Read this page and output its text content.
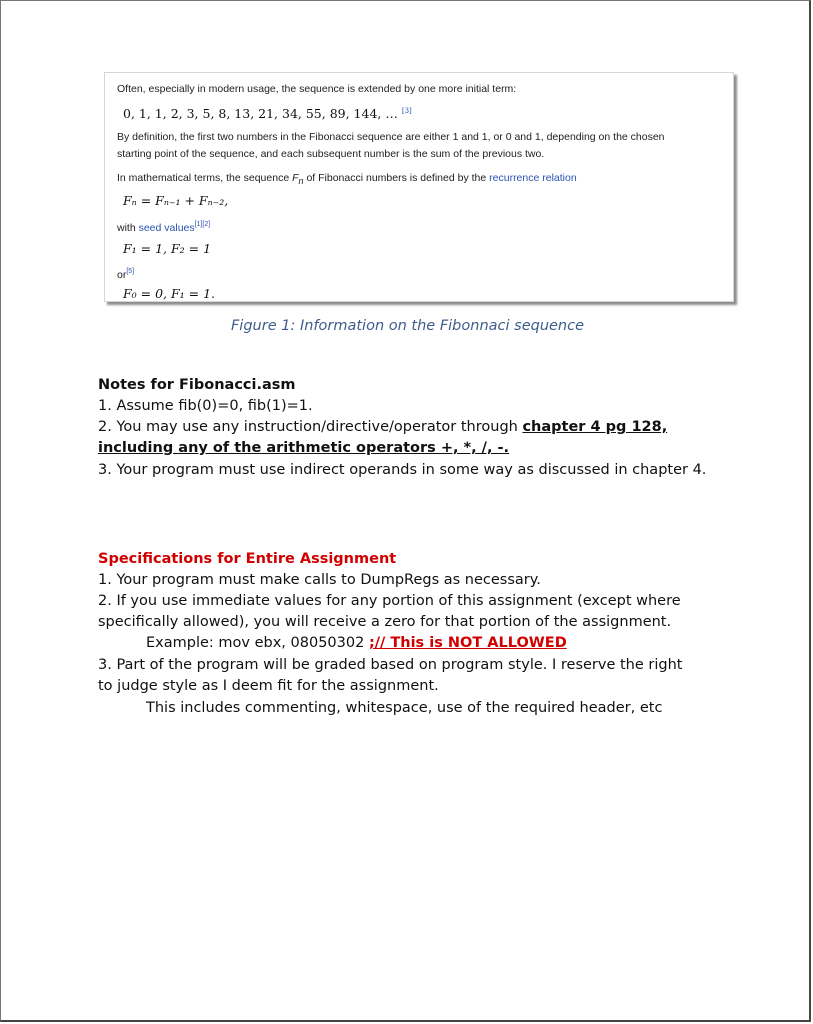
Often, especially in modern usage, the sequence is extended by one more initial term:
0, 1, 1, 2, 3, 5, 8, 13, 21, 34, 55, 89, 144, … [3]
By definition, the first two numbers in the Fibonacci sequence are either 1 and 1, or 0 and 1, depending on the chosen
starting point of the sequence, and each subsequent number is the sum of the previous two.
In mathematical terms, the sequence Fn of Fibonacci numbers is defined by the recurrence relation
Fₙ = Fₙ₋₁ + Fₙ₋₂,
with seed values[1][2]
F₁ = 1, F₂ = 1
or[5]
F₀ = 0, F₁ = 1.
Figure 1: Information on the Fibonnaci sequence
Notes for Fibonacci.asm
1. Assume fib(0)=0, fib(1)=1.
2. You may use any instruction/directive/operator through chapter 4 pg 128,
including any of the arithmetic operators +, *, /, -.
3. Your program must use indirect operands in some way as discussed in chapter 4.
Specifications for Entire Assignment
1. Your program must make calls to DumpRegs as necessary.
2. If you use immediate values for any portion of this assignment (except where
specifically allowed), you will receive a zero for that portion of the assignment.
Example: mov ebx, 08050302 ;// This is NOT ALLOWED
3. Part of the program will be graded based on program style. I reserve the right
to judge style as I deem fit for the assignment.
This includes commenting, whitespace, use of the required header, etc
